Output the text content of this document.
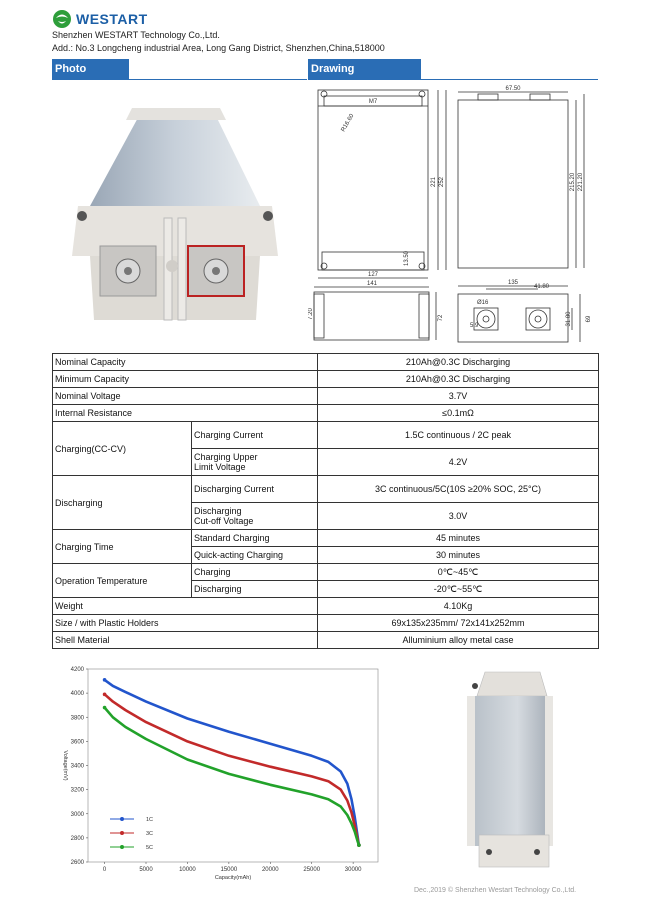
WESTART
Shenzhen WESTART Technology Co.,Ltd.
Add.: No.3 Longcheng industrial Area, Long Gang District, Shenzhen,China,518000
Photo	Drawing
M7
R16.60
221 252
127
13.50
67.50
215.20 221.20
141
72
7.20
135
41.80
Ø16
5.9	31.80 69
Nominal Capacity		210Ah@0.3C Discharging
Minimum Capacity		210Ah@0.3C Discharging
Nominal Voltage		3.7V
Internal Resistance		≤0.1mΩ
Charging(CC-CV)	Charging Current	1.5C continuous / 2C peak

	Charging Upper
Limit Voltage	4.2V
Discharging	Discharging Current	3C continuous/5C(10S ≥20% SOC, 25°C)

	Discharging
Cut-off Voltage	3.0V
Charging Time	Standard Charging	45 minutes
	Quick-acting Charging	30 minutes
Operation Temperature	Charging	0℃~45℃
	Discharging	-20℃~55℃
Weight		4.10Kg
Size / with Plastic Holders		69x135x235mm/ 72x141x252mm
Shell Material		Alluminium alloy metal case
2600
2800
3000
3200
3400
3600
3800
4000
4200
0	5000	10000	15000	20000	25000	30000
Capacity(mAh)
Voltage(mV)
1C
3C
5C
Dec.,2019 © Shenzhen Westart Technology Co.,Ltd.
